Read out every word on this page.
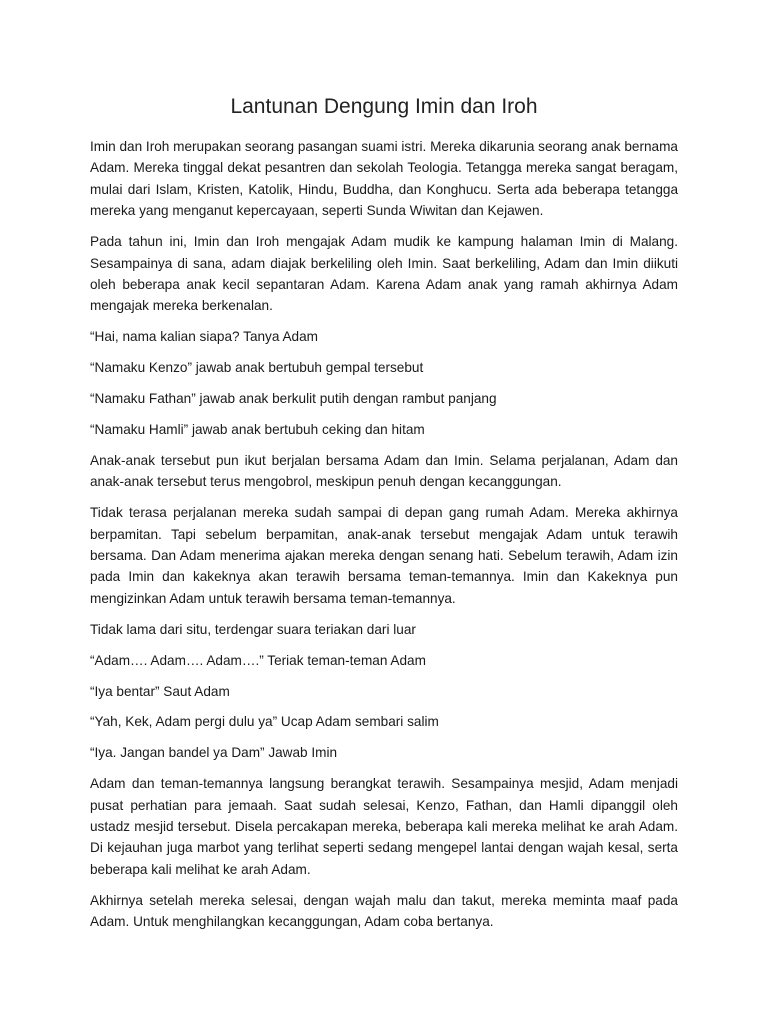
Lantunan Dengung Imin dan Iroh

Imin dan Iroh merupakan seorang pasangan suami istri. Mereka dikarunia seorang anak bernama Adam. Mereka tinggal dekat pesantren dan sekolah Teologia. Tetangga mereka sangat beragam, mulai dari Islam, Kristen, Katolik, Hindu, Buddha, dan Konghucu. Serta ada beberapa tetangga mereka yang menganut kepercayaan, seperti Sunda Wiwitan dan Kejawen.

Pada tahun ini, Imin dan Iroh mengajak Adam mudik ke kampung halaman Imin di Malang. Sesampainya di sana, adam diajak berkeliling oleh Imin. Saat berkeliling, Adam dan Imin diikuti oleh beberapa anak kecil sepantaran Adam. Karena Adam anak yang ramah akhirnya Adam mengajak mereka berkenalan.

“Hai, nama kalian siapa? Tanya Adam

“Namaku Kenzo” jawab anak bertubuh gempal tersebut

“Namaku Fathan” jawab anak berkulit putih dengan rambut panjang

“Namaku Hamli” jawab anak bertubuh ceking dan hitam

Anak-anak tersebut pun ikut berjalan bersama Adam dan Imin. Selama perjalanan, Adam dan anak-anak tersebut terus mengobrol, meskipun penuh dengan kecanggungan.

Tidak terasa perjalanan mereka sudah sampai di depan gang rumah Adam. Mereka akhirnya berpamitan. Tapi sebelum berpamitan, anak-anak tersebut mengajak Adam untuk terawih bersama. Dan Adam menerima ajakan mereka dengan senang hati. Sebelum terawih, Adam izin pada Imin dan kakeknya akan terawih bersama teman-temannya. Imin dan Kakeknya pun mengizinkan Adam untuk terawih bersama teman-temannya.

Tidak lama dari situ, terdengar suara teriakan dari luar

“Adam…. Adam…. Adam….” Teriak teman-teman Adam

“Iya bentar” Saut Adam

“Yah, Kek, Adam pergi dulu ya” Ucap Adam sembari salim

“Iya. Jangan bandel ya Dam” Jawab Imin

Adam dan teman-temannya langsung berangkat terawih. Sesampainya mesjid, Adam menjadi pusat perhatian para jemaah. Saat sudah selesai, Kenzo, Fathan, dan Hamli dipanggil oleh ustadz mesjid tersebut. Disela percakapan mereka, beberapa kali mereka melihat ke arah Adam. Di kejauhan juga marbot yang terlihat seperti sedang mengepel lantai dengan wajah kesal, serta beberapa kali melihat ke arah Adam.

Akhirnya setelah mereka selesai, dengan wajah malu dan takut, mereka meminta maaf pada Adam. Untuk menghilangkan kecanggungan, Adam coba bertanya.
